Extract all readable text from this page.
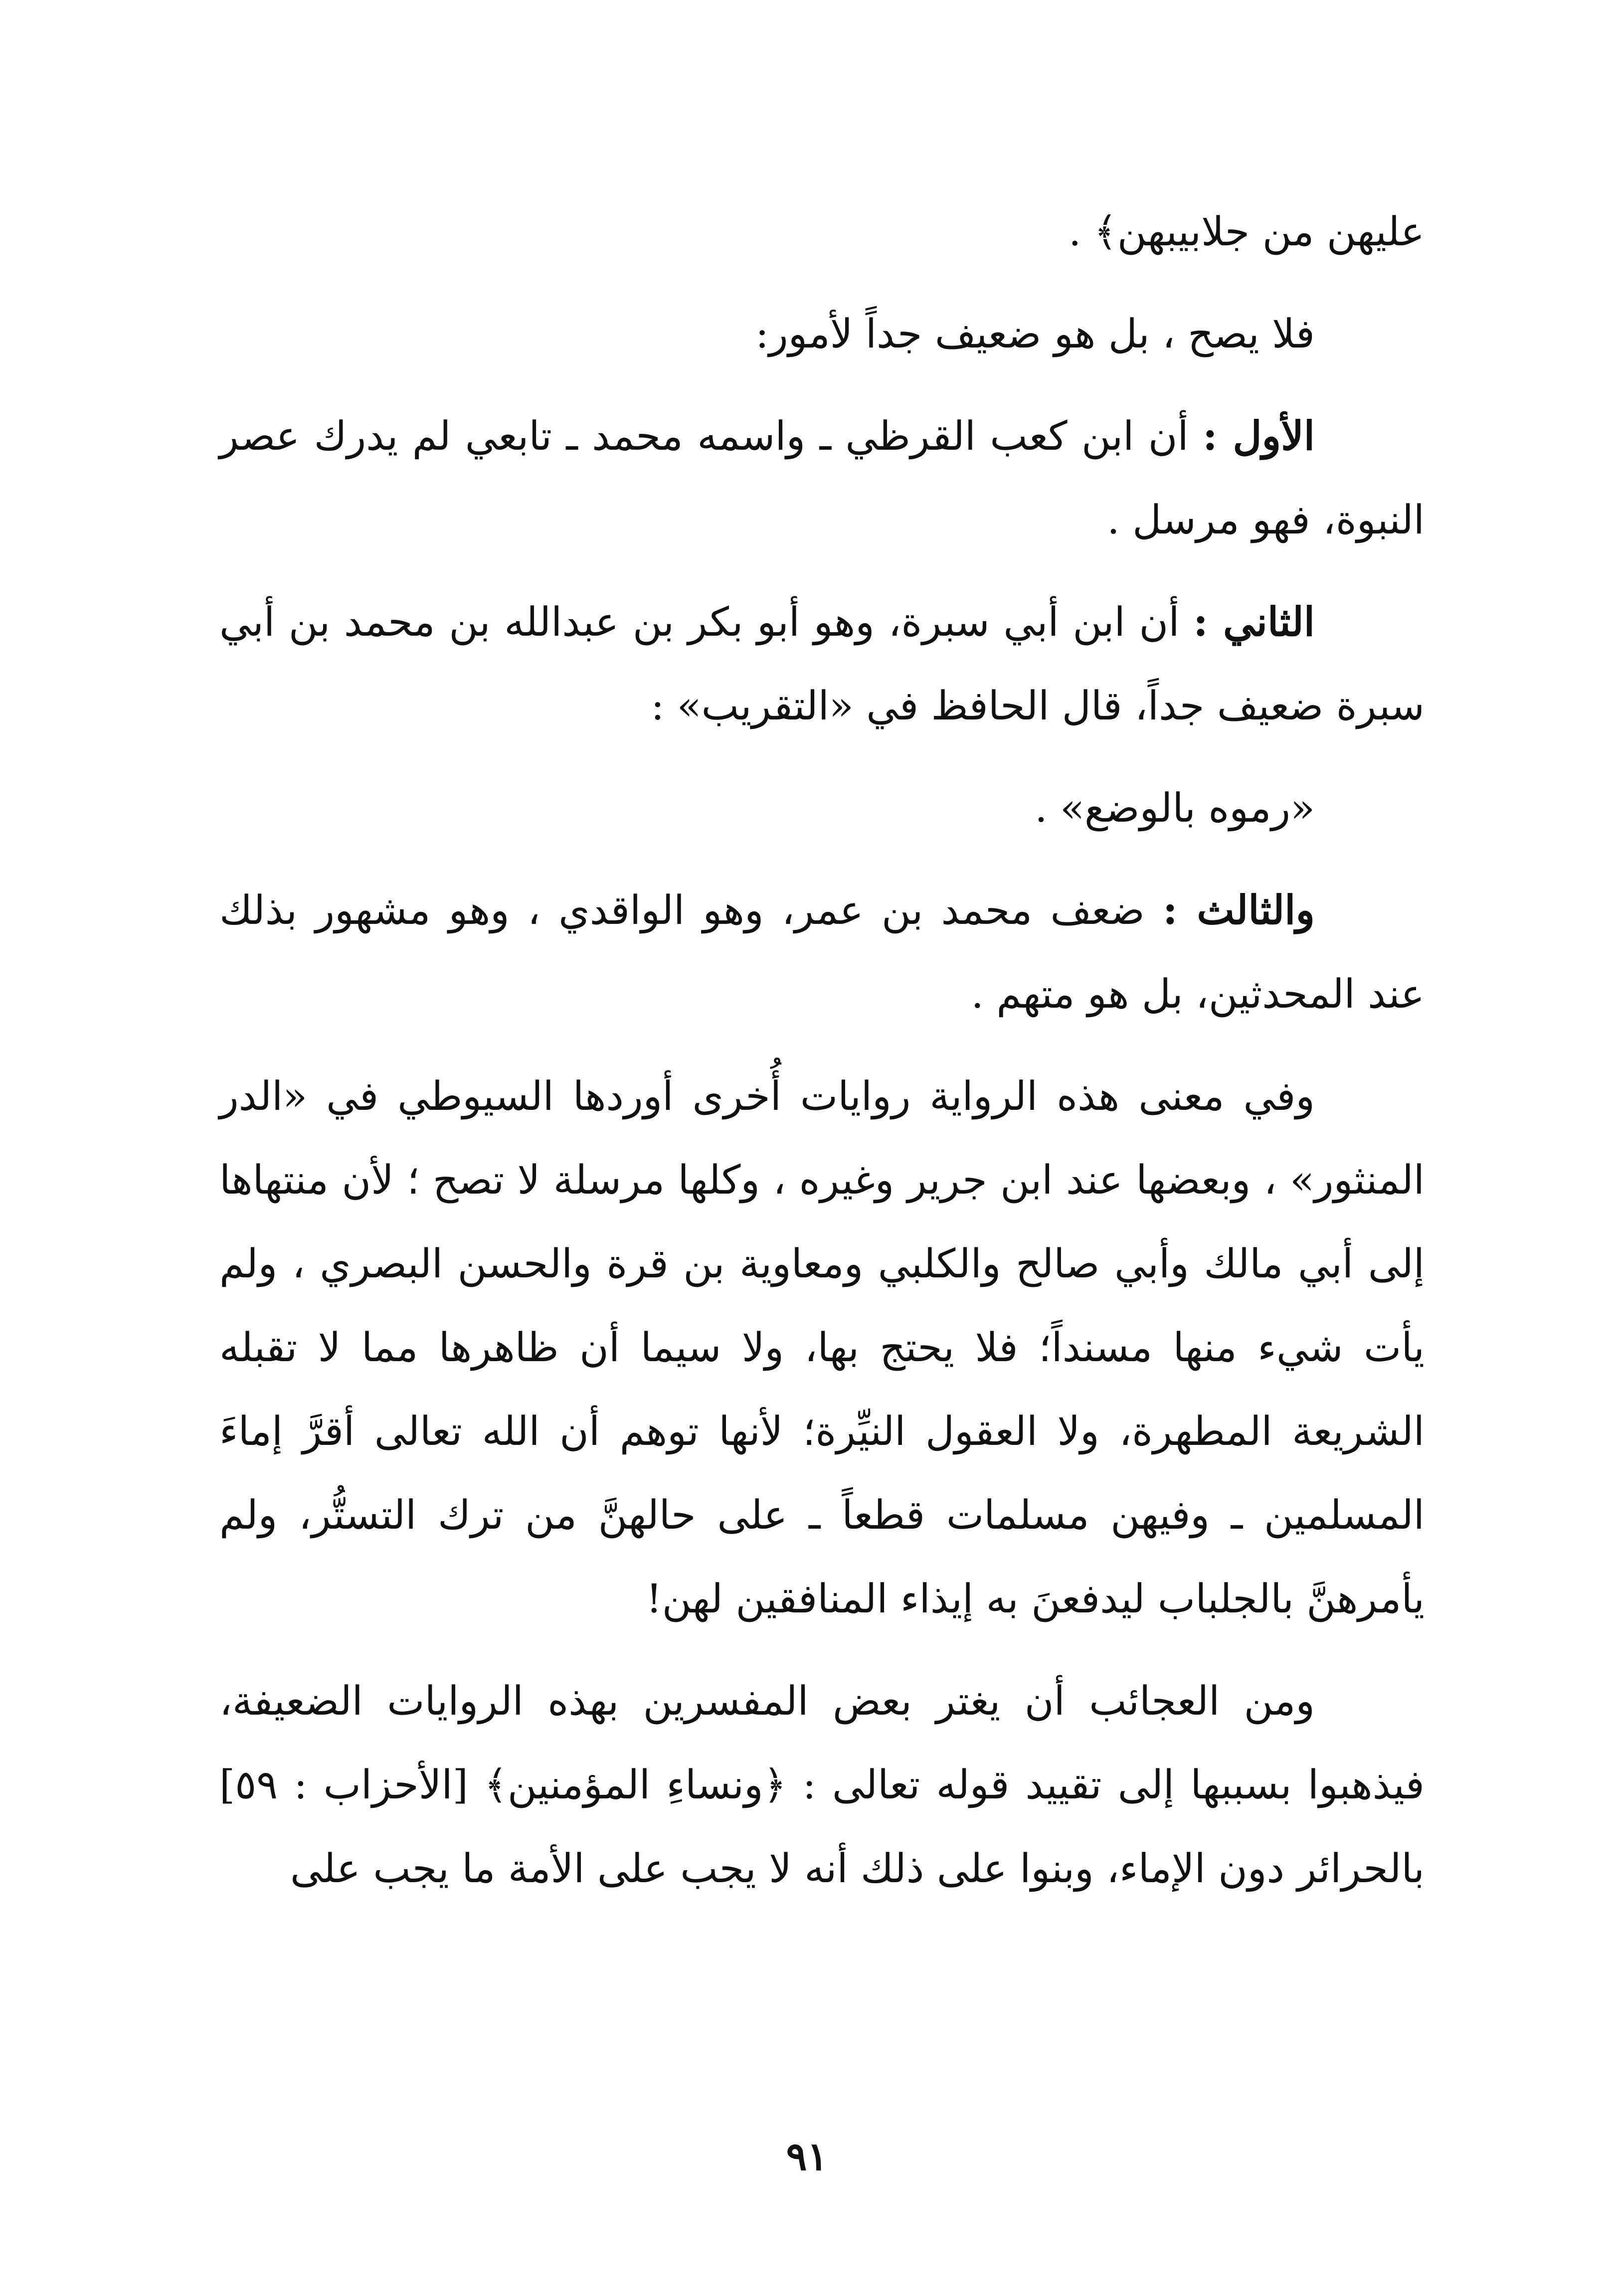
عليهن من جلابيبهن﴾ .

فلا يصح ، بل هو ضعيف جداً لأمور:

الأول : أن ابن كعب القرظي ـ واسمه محمد ـ تابعي لم يدرك عصر النبوة، فهو مرسل .

الثاني : أن ابن أبي سبرة، وهو أبو بكر بن عبدالله بن محمد بن أبي سبرة ضعيف جداً، قال الحافظ في «التقريب» :

«رموه بالوضع» .

والثالث : ضعف محمد بن عمر، وهو الواقدي ، وهو مشهور بذلك عند المحدثين، بل هو متهم .

وفي معنى هذه الرواية روايات أُخرى أوردها السيوطي في «الدر المنثور» ، وبعضها عند ابن جرير وغيره ، وكلها مرسلة لا تصح ؛ لأن منتهاها إلى أبي مالك وأبي صالح والكلبي ومعاوية بن قرة والحسن البصري ، ولم يأت شيء منها مسنداً؛ فلا يحتج بها، ولا سيما أن ظاهرها مما لا تقبله الشريعة المطهرة، ولا العقول النيِّرة؛ لأنها توهم أن الله تعالى أقرَّ إماءَ المسلمين ـ وفيهن مسلمات قطعاً ـ على حالهنَّ من ترك التستُّر، ولم يأمرهنَّ بالجلباب ليدفعنَ به إيذاء المنافقين لهن!

ومن العجائب أن يغتر بعض المفسرين بهذه الروايات الضعيفة، فيذهبوا بسببها إلى تقييد قوله تعالى : ﴿ونساءِ المؤمنين﴾ [الأحزاب : ٥٩] بالحرائر دون الإماء، وبنوا على ذلك أنه لا يجب على الأمة ما يجب على

٩١
